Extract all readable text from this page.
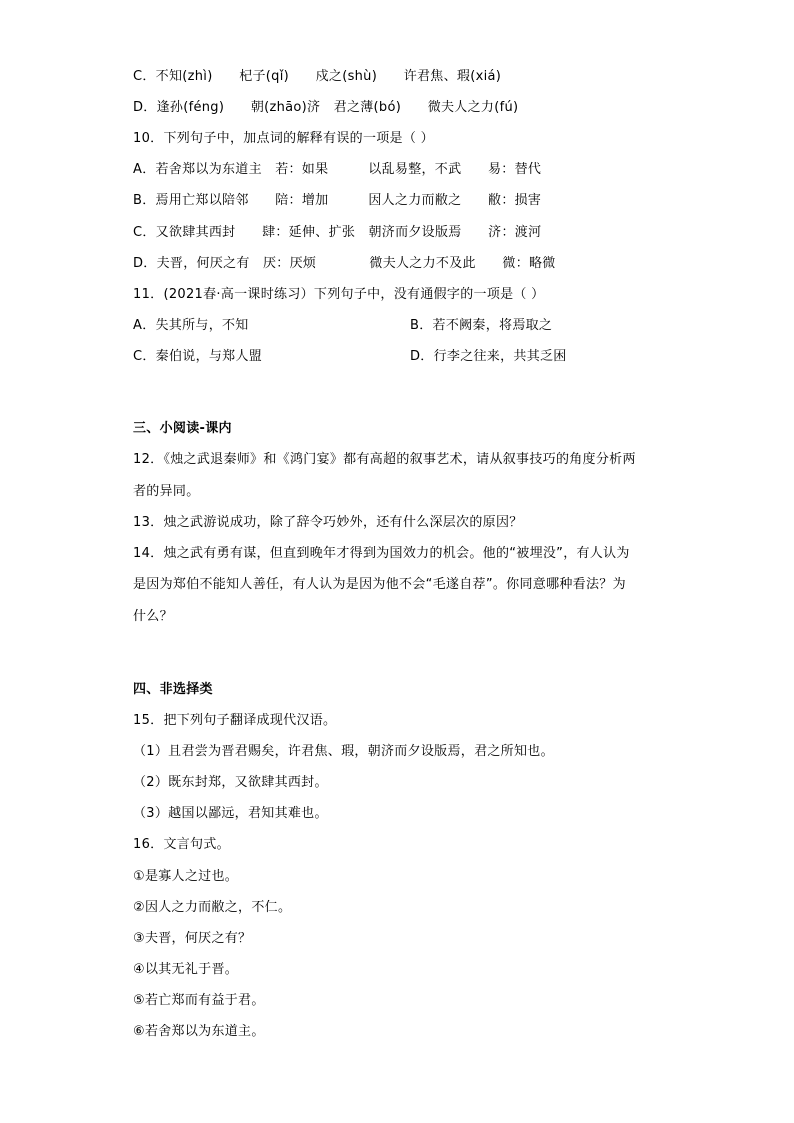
C．不知(zhì)　　杞子(qǐ)　　戍之(shù)　　许君焦、瑕(xiá)
D．逢孙(féng)　　朝(zhāo)济　君之薄(bó)　　微夫人之力(fú)
10．下列句子中，加点词的解释有误的一项是（ ）
A．若舍郑以为东道主　若：如果　　　以乱易整，不武　　易：替代
B．焉用亡郑以陪邻　　陪：增加　　　因人之力而敝之　　敝：损害
C．又欲肆其西封　　肆：延伸、扩张　朝济而夕设版焉　　济：渡河
D．夫晋，何厌之有　厌：厌烦　　　　微夫人之力不及此　　微：略微
11．(2021春·高一课时练习）下列句子中，没有通假字的一项是（ ）
A．失其所与，不知	B．若不阙秦，将焉取之
C．秦伯说，与郑人盟	D．行李之往来，共其乏困
三、小阅读-课内
12．《烛之武退秦师》和《鸿门宴》都有高超的叙事艺术，请从叙事技巧的角度分析两
者的异同。
13．烛之武游说成功，除了辞令巧妙外，还有什么深层次的原因？
14．烛之武有勇有谋，但直到晚年才得到为国效力的机会。他的“被埋没”，有人认为
是因为郑伯不能知人善任，有人认为是因为他不会“毛遂自荐”。你同意哪种看法？为
什么？
四、非选择类
15．把下列句子翻译成现代汉语。
（1）且君尝为晋君赐矣，许君焦、瑕，朝济而夕设版焉，君之所知也。
（2）既东封郑，又欲肆其西封。
（3）越国以鄙远，君知其难也。
16．文言句式。
①是寡人之过也。
②因人之力而敝之，不仁。
③夫晋，何厌之有？
④以其无礼于晋。
⑤若亡郑而有益于君。
⑥若舍郑以为东道主。
